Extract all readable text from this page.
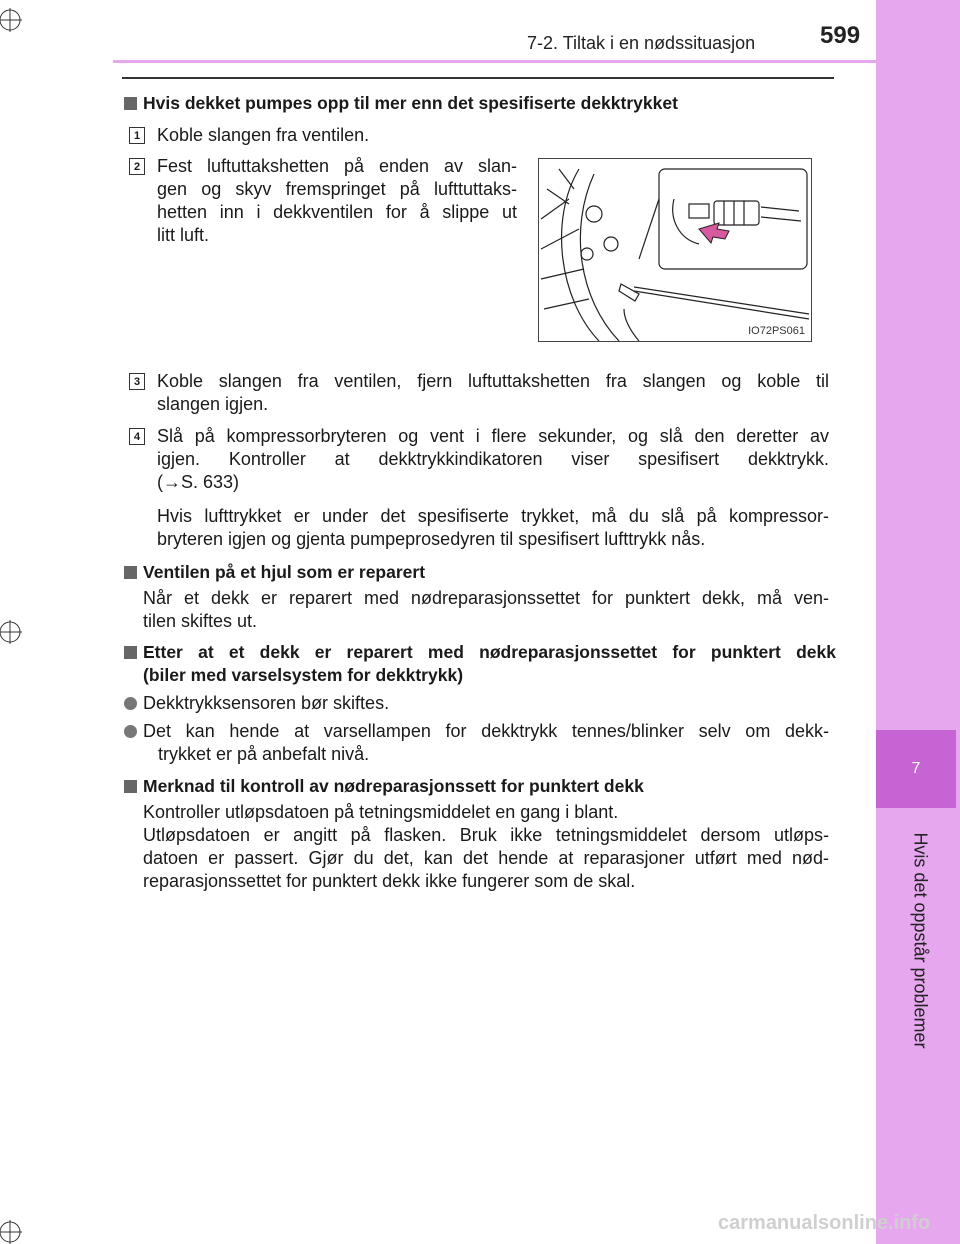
7
Hvis det oppstår problemer
7-2. Tiltak i en nødssituasjon	599
Hvis dekket pumpes opp til mer enn det spesifiserte dekktrykket
1 Koble slangen fra ventilen.
2 Fest luftuttakshetten på enden av slan-
gen og skyv fremspringet på lufttuttaks-
hetten inn i dekkventilen for å slippe ut
litt luft.
IO72PS061
3 Koble slangen fra ventilen, fjern luftuttakshetten fra slangen og koble til
slangen igjen.
4 Slå på kompressorbryteren og vent i flere sekunder, og slå den deretter av
igjen. Kontroller at dekktrykkindikatoren viser spesifisert dekktrykk.
(→S. 633)
Hvis lufttrykket er under det spesifiserte trykket, må du slå på kompressor-
bryteren igjen og gjenta pumpeprosedyren til spesifisert lufttrykk nås.
Ventilen på et hjul som er reparert
Når et dekk er reparert med nødreparasjonssettet for punktert dekk, må ven-
tilen skiftes ut.
Etter at et dekk er reparert med nødreparasjonssettet for punktert dekk
(biler med varselsystem for dekktrykk)
Dekktrykksensoren bør skiftes.
Det kan hende at varsellampen for dekktrykk tennes/blinker selv om dekk-
trykket er på anbefalt nivå.
Merknad til kontroll av nødreparasjonssett for punktert dekk
Kontroller utløpsdatoen på tetningsmiddelet en gang i blant.
Utløpsdatoen er angitt på flasken. Bruk ikke tetningsmiddelet dersom utløps-
datoen er passert. Gjør du det, kan det hende at reparasjoner utført med nød-
reparasjonssettet for punktert dekk ikke fungerer som de skal.
carmanualsonline.info
